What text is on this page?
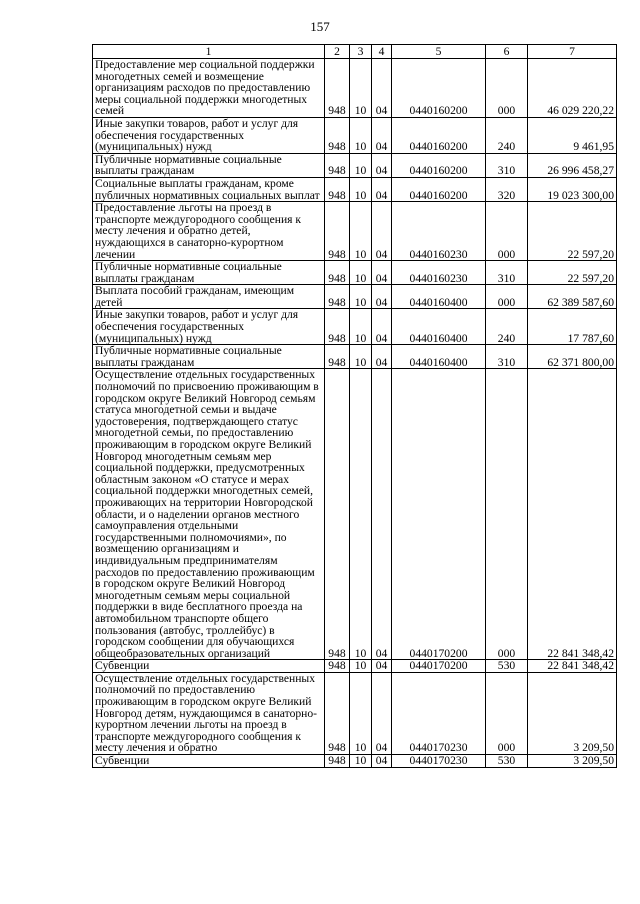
157
1	2	3	4	5	6	7
Предоставление мер социальной поддержки многодетных семей и возмещение организациям расходов по предоставлению меры социальной поддержки многодетных семей	948	10	04	0440160200	000	46 029 220,22
Иные закупки товаров, работ и услуг для обеспечения государственных (муниципальных) нужд	948	10	04	0440160200	240	9 461,95
Публичные нормативные социальные выплаты гражданам	948	10	04	0440160200	310	26 996 458,27
Социальные выплаты гражданам, кроме публичных нормативных социальных выплат	948	10	04	0440160200	320	19 023 300,00
Предоставление льготы на проезд в транспорте междугородного сообщения к месту лечения и обратно детей, нуждающихся в санаторно-курортном лечении	948	10	04	0440160230	000	22 597,20
Публичные нормативные социальные выплаты гражданам	948	10	04	0440160230	310	22 597,20
Выплата пособий гражданам, имеющим детей	948	10	04	0440160400	000	62 389 587,60
Иные закупки товаров, работ и услуг для обеспечения государственных (муниципальных) нужд	948	10	04	0440160400	240	17 787,60
Публичные нормативные социальные выплаты гражданам	948	10	04	0440160400	310	62 371 800,00
Осуществление отдельных государственных полномочий по присвоению проживающим в городском округе Великий Новгород семьям статуса многодетной семьи и выдаче удостоверения, подтверждающего статус многодетной семьи, по предоставлению проживающим в городском округе Великий Новгород многодетным семьям мер социальной поддержки, предусмотренных областным законом «О статусе и мерах социальной поддержки многодетных семей, проживающих на территории Новгородской области, и о наделении органов местного самоуправления отдельными государственными полномочиями», по возмещению организациям и индивидуальным предпринимателям расходов по предоставлению проживающим в городском округе Великий Новгород многодетным семьям меры социальной поддержки в виде бесплатного проезда на автомобильном транспорте общего пользования (автобус, троллейбус) в городском сообщении для обучающихся общеобразовательных организаций	948	10	04	0440170200	000	22 841 348,42
Субвенции	948	10	04	0440170200	530	22 841 348,42
Осуществление отдельных государственных полномочий по предоставлению проживающим в городском округе Великий Новгород детям, нуждающимся в санаторно-курортном лечении льготы на проезд в транспорте междугородного сообщения к месту лечения и обратно	948	10	04	0440170230	000	3 209,50
Субвенции	948	10	04	0440170230	530	3 209,50
